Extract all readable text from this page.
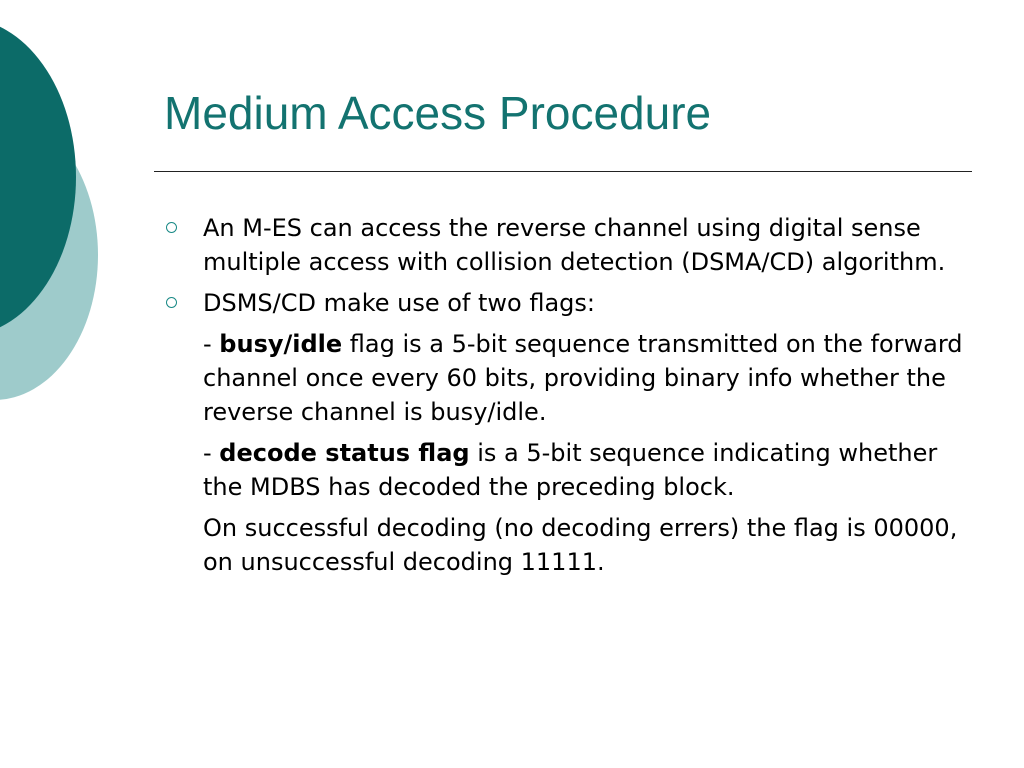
Medium Access Procedure

An M-ES can access the reverse channel using digital sense multiple access with collision detection (DSMA/CD) algorithm.

DSMS/CD make use of two flags:

- busy/idle flag is a 5-bit sequence transmitted on the forward channel once every 60 bits, providing binary info whether the reverse channel is busy/idle.

- decode status flag is a 5-bit sequence indicating whether the MDBS has decoded the preceding block.

On successful decoding (no decoding errers) the flag is 00000, on unsuccessful decoding 11111.
